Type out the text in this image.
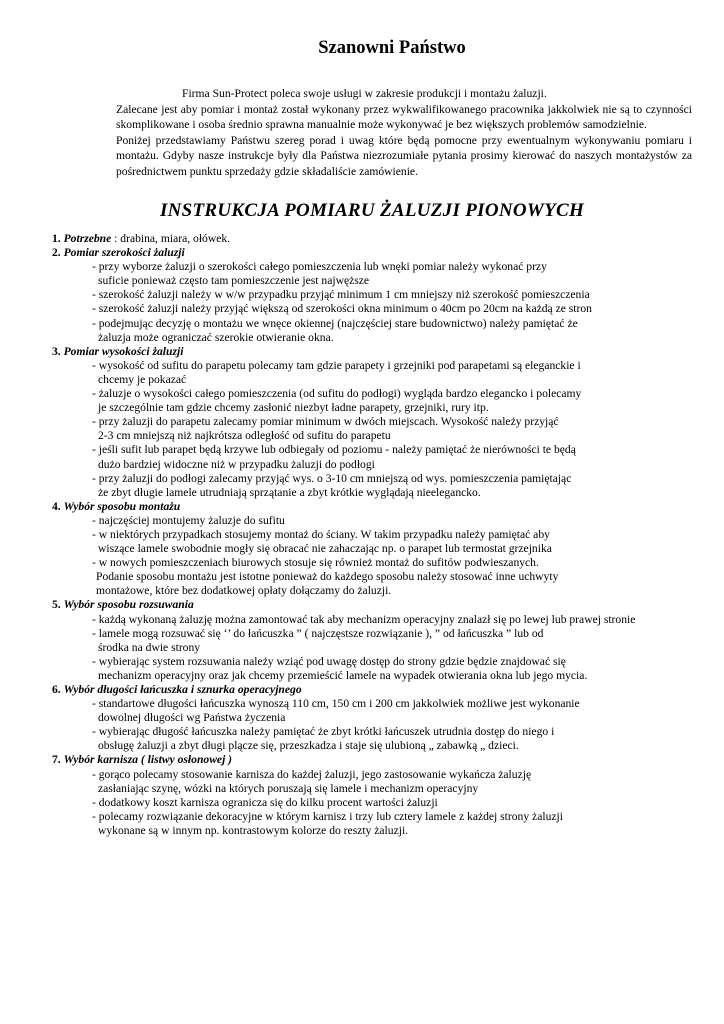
Szanowni Państwo

Firma Sun-Protect poleca swoje usługi w zakresie produkcji i montażu żaluzji.

Zalecane jest aby pomiar i montaż został wykonany przez wykwalifikowanego pracownika jakkolwiek nie są to czynności skomplikowane i osoba średnio sprawna manualnie może wykonywać je bez większych problemów samodzielnie.

Poniżej przedstawiamy Państwu szereg porad i uwag które będą pomocne przy ewentualnym wykonywaniu pomiaru i montażu. Gdyby nasze instrukcje były dla Państwa niezrozumiałe pytania prosimy kierować do naszych montażystów za pośrednictwem punktu sprzedaży gdzie składaliście zamówienie.

INSTRUKCJA POMIARU ŻALUZJI PIONOWYCH
1. Potrzebne : drabina, miara, ołówek.
2. Pomiar szerokości żaluzji
- przy wyborze żaluzji o szerokości całego pomieszczenia lub wnęki pomiar należy wykonać przy
suficie ponieważ często tam pomieszczenie jest najwęższe
- szerokość żaluzji należy w w/w przypadku przyjąć minimum 1 cm mniejszy niż szerokość pomieszczenia
- szerokość żaluzji należy przyjąć większą od szerokości okna minimum o 40cm po 20cm na każdą ze stron
- podejmując decyzję o montażu we wnęce okiennej (najczęściej stare budownictwo) należy pamiętać że
żaluzja może ograniczać szerokie otwieranie okna.
3. Pomiar wysokości żaluzji
- wysokość od sufitu do parapetu polecamy tam gdzie parapety i grzejniki pod parapetami są eleganckie i
chcemy je pokazać
- żaluzje o wysokości całego pomieszczenia (od sufitu do podłogi) wygląda bardzo elegancko i polecamy
je szczególnie tam gdzie chcemy zasłonić niezbyt ładne parapety, grzejniki, rury itp.
- przy żaluzji do parapetu zalecamy pomiar minimum w dwóch miejscach. Wysokość należy przyjąć
2-3 cm mniejszą niż najkrótsza odległość od sufitu do parapetu
- jeśli sufit lub parapet będą krzywe lub odbiegały od poziomu - należy pamiętać że nierówności te będą
dużo bardziej widoczne niż w przypadku żaluzji do podłogi
- przy żaluzji do podłogi zalecamy przyjąć wys. o 3-10 cm mniejszą od wys. pomieszczenia pamiętając
że zbyt długie lamele utrudniają sprzątanie a zbyt krótkie wyglądają nieelegancko.
4. Wybór sposobu montażu
- najczęściej montujemy żaluzje do sufitu
- w niektórych przypadkach stosujemy montaż do ściany. W takim przypadku należy pamiętać aby
wiszące lamele swobodnie mogły się obracać nie zahaczając np. o parapet lub termostat grzejnika
- w nowych pomieszczeniach biurowych stosuje się również montaż do sufitów podwieszanych.
Podanie sposobu montażu jest istotne ponieważ do każdego sposobu należy stosować inne uchwyty
montażowe, które bez dodatkowej opłaty dołączamy do żaluzji.
5. Wybór sposobu rozsuwania
- każdą wykonaną żaluzję można zamontować tak aby mechanizm operacyjny znalazł się po lewej lub prawej stronie
- lamele mogą rozsuwać się ‘’ do łańcuszka ” ( najczęstsze rozwiązanie ), ” od łańcuszka ” lub od
środka na dwie strony
- wybierając system rozsuwania należy wziąć pod uwagę dostęp do strony gdzie będzie znajdować się
mechanizm operacyjny oraz jak chcemy przemieścić lamele na wypadek otwierania okna lub jego mycia.
6. Wybór długości łańcuszka i sznurka operacyjnego
- standartowe długości łańcuszka wynoszą 110 cm, 150 cm i 200 cm jakkolwiek możliwe jest wykonanie
dowolnej długości wg Państwa życzenia
- wybierając długość łańcuszka należy pamiętać że zbyt krótki łańcuszek utrudnia dostęp do niego i
obsługę żaluzji a zbyt długi plącze się, przeszkadza i staje się ulubioną „ zabawką „ dzieci.
7. Wybór karnisza ( listwy osłonowej )
- gorąco polecamy stosowanie karnisza do każdej żaluzji, jego zastosowanie wykańcza żaluzję
zasłaniając szynę, wózki na których poruszają się lamele i mechanizm operacyjny
- dodatkowy koszt karnisza ogranicza się do kilku procent wartości żaluzji
- polecamy rozwiązanie dekoracyjne w którym karnisz i trzy lub cztery lamele z każdej strony żaluzji
wykonane są w innym np. kontrastowym kolorze do reszty żaluzji.
